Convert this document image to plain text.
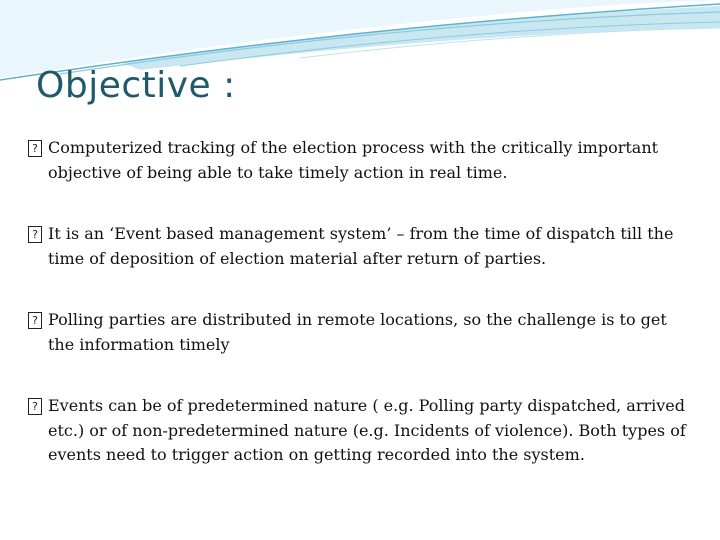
Objective :
? Computerized tracking of the election process with the critically important objective of being able to take timely action in real time.
? It is an ‘Event based management system’ – from the time of dispatch till the time of deposition of election material after return of parties.
? Polling parties are distributed in remote locations, so the challenge is to get the information timely
? Events can be of predetermined nature ( e.g. Polling party dispatched, arrived etc.) or of non-predetermined nature (e.g. Incidents of violence). Both types of events need to trigger action on getting recorded into the system.
